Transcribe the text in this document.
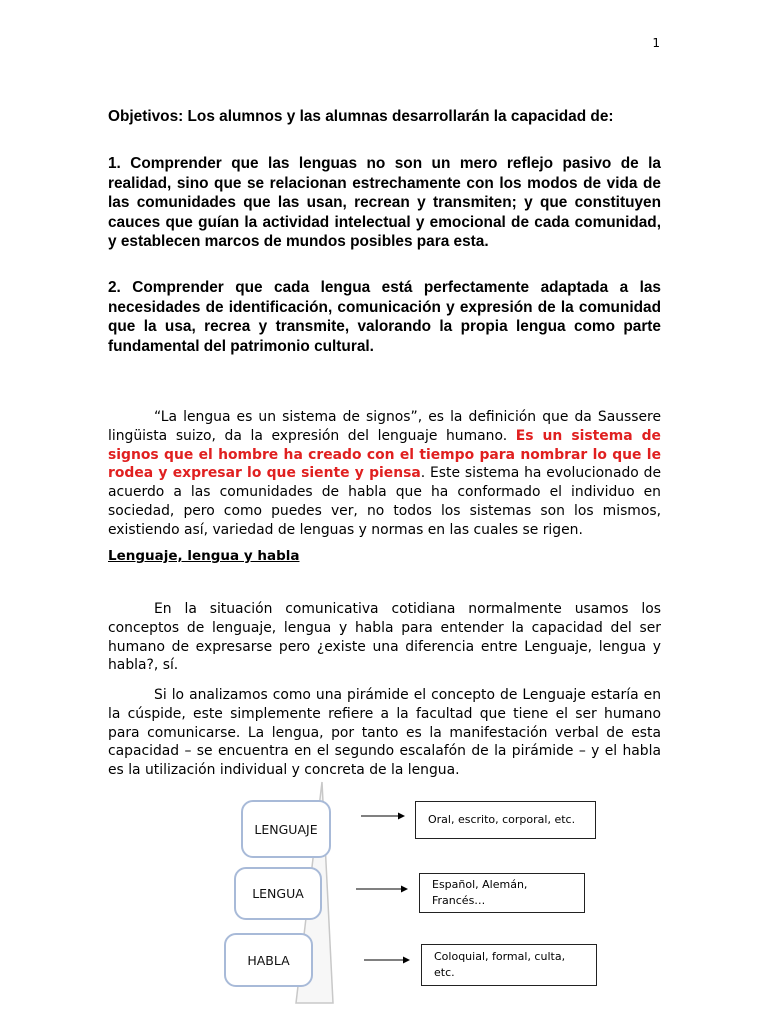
1

Objetivos: Los alumnos y las alumnas desarrollarán la capacidad de:

1. Comprender que las lenguas no son un mero reflejo pasivo de la realidad, sino que se relacionan estrechamente con los modos de vida de las comunidades que las usan, recrean y transmiten; y que constituyen cauces que guían la actividad intelectual y emocional de cada comunidad, y establecen marcos de mundos posibles para esta.

2. Comprender que cada lengua está perfectamente adaptada a las necesidades de identificación, comunicación y expresión de la comunidad que la usa, recrea y transmite, valorando la propia lengua como parte fundamental del patrimonio cultural.

“La lengua es un sistema de signos”, es la definición que da Saussere lingüista suizo, da la expresión del lenguaje humano. Es un sistema de signos que el hombre ha creado con el tiempo para nombrar lo que le rodea y expresar lo que siente y piensa. Este sistema ha evolucionado de acuerdo a las comunidades de habla que ha conformado el individuo en sociedad, pero como puedes ver, no todos los sistemas son los mismos, existiendo así, variedad de lenguas y normas en las cuales se rigen.

Lenguaje, lengua y habla

En la situación comunicativa cotidiana normalmente usamos los conceptos de lenguaje, lengua y habla para entender la capacidad del ser humano de expresarse pero ¿existe una diferencia entre Lenguaje, lengua y habla?, sí.

Si lo analizamos como una pirámide el concepto de Lenguaje estaría en la cúspide, este simplemente refiere a la facultad que tiene el ser humano para comunicarse. La lengua, por tanto es la manifestación verbal de esta capacidad – se encuentra en el segundo escalafón de la pirámide – y el habla es la utilización individual y concreta de la lengua.

LENGUAJE
LENGUA
HABLA
Oral, escrito, corporal, etc.
Español, Alemán, Francés…
Coloquial, formal, culta, etc.
